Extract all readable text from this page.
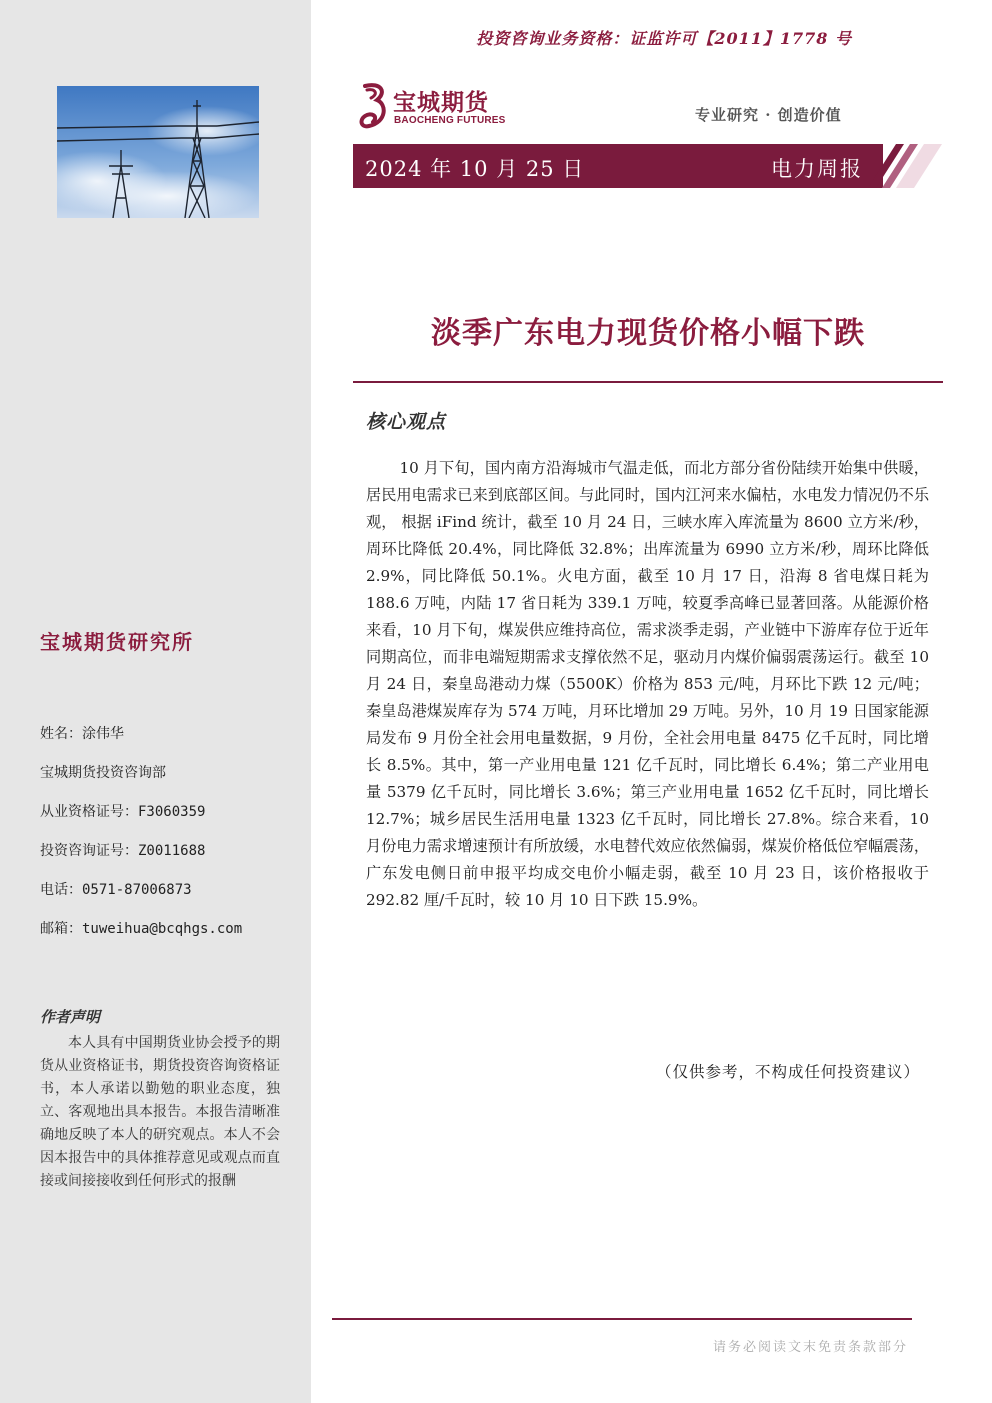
宝城期货研究所
姓名：涂伟华
宝城期货投资咨询部
从业资格证号：F3060359
投资咨询证号：Z0011688
电话：0571-87006873
邮箱：tuweihua@bcqhgs.com
作者声明
本人具有中国期货业协会授予的期货从业资格证书，期货投资咨询资格证书，本人承诺以勤勉的职业态度，独立、客观地出具本报告。本报告清晰准确地反映了本人的研究观点。本人不会因本报告中的具体推荐意见或观点而直接或间接接收到任何形式的报酬
投资咨询业务资格：证监许可【2011】1778 号
宝城期货
BAOCHENG FUTURES	专业研究 · 创造价值
2024 年 10 月 25 日	电力周报
淡季广东电力现货价格小幅下跌
核心观点
10 月下旬，国内南方沿海城市气温走低，而北方部分省份陆续开始集中供暖，居民用电需求已来到底部区间。与此同时，国内江河来水偏枯，水电发力情况仍不乐观， 根据 iFind 统计，截至 10 月 24 日，三峡水库入库流量为 8600 立方米/秒，周环比降低 20.4%，同比降低 32.8%；出库流量为 6990 立方米/秒，周环比降低 2.9%，同比降低 50.1%。火电方面，截至 10 月 17 日，沿海 8 省电煤日耗为 188.6 万吨，内陆 17 省日耗为 339.1 万吨，较夏季高峰已显著回落。从能源价格来看，10 月下旬，煤炭供应维持高位，需求淡季走弱，产业链中下游库存位于近年同期高位，而非电端短期需求支撑依然不足，驱动月内煤价偏弱震荡运行。截至 10 月 24 日，秦皇岛港动力煤（5500K）价格为 853 元/吨，月环比下跌 12 元/吨；秦皇岛港煤炭库存为 574 万吨，月环比增加 29 万吨。另外，10 月 19 日国家能源局发布 9 月份全社会用电量数据，9 月份，全社会用电量 8475 亿千瓦时，同比增长 8.5%。其中，第一产业用电量 121 亿千瓦时，同比增长 6.4%；第二产业用电量 5379 亿千瓦时，同比增长 3.6%；第三产业用电量 1652 亿千瓦时，同比增长 12.7%；城乡居民生活用电量 1323 亿千瓦时，同比增长 27.8%。综合来看，10 月份电力需求增速预计有所放缓，水电替代效应依然偏弱，煤炭价格低位窄幅震荡，广东发电侧日前申报平均成交电价小幅走弱，截至 10 月 23 日，该价格报收于 292.82 厘/千瓦时，较 10 月 10 日下跌 15.9%。
（仅供参考，不构成任何投资建议）
请务必阅读文末免责条款部分
